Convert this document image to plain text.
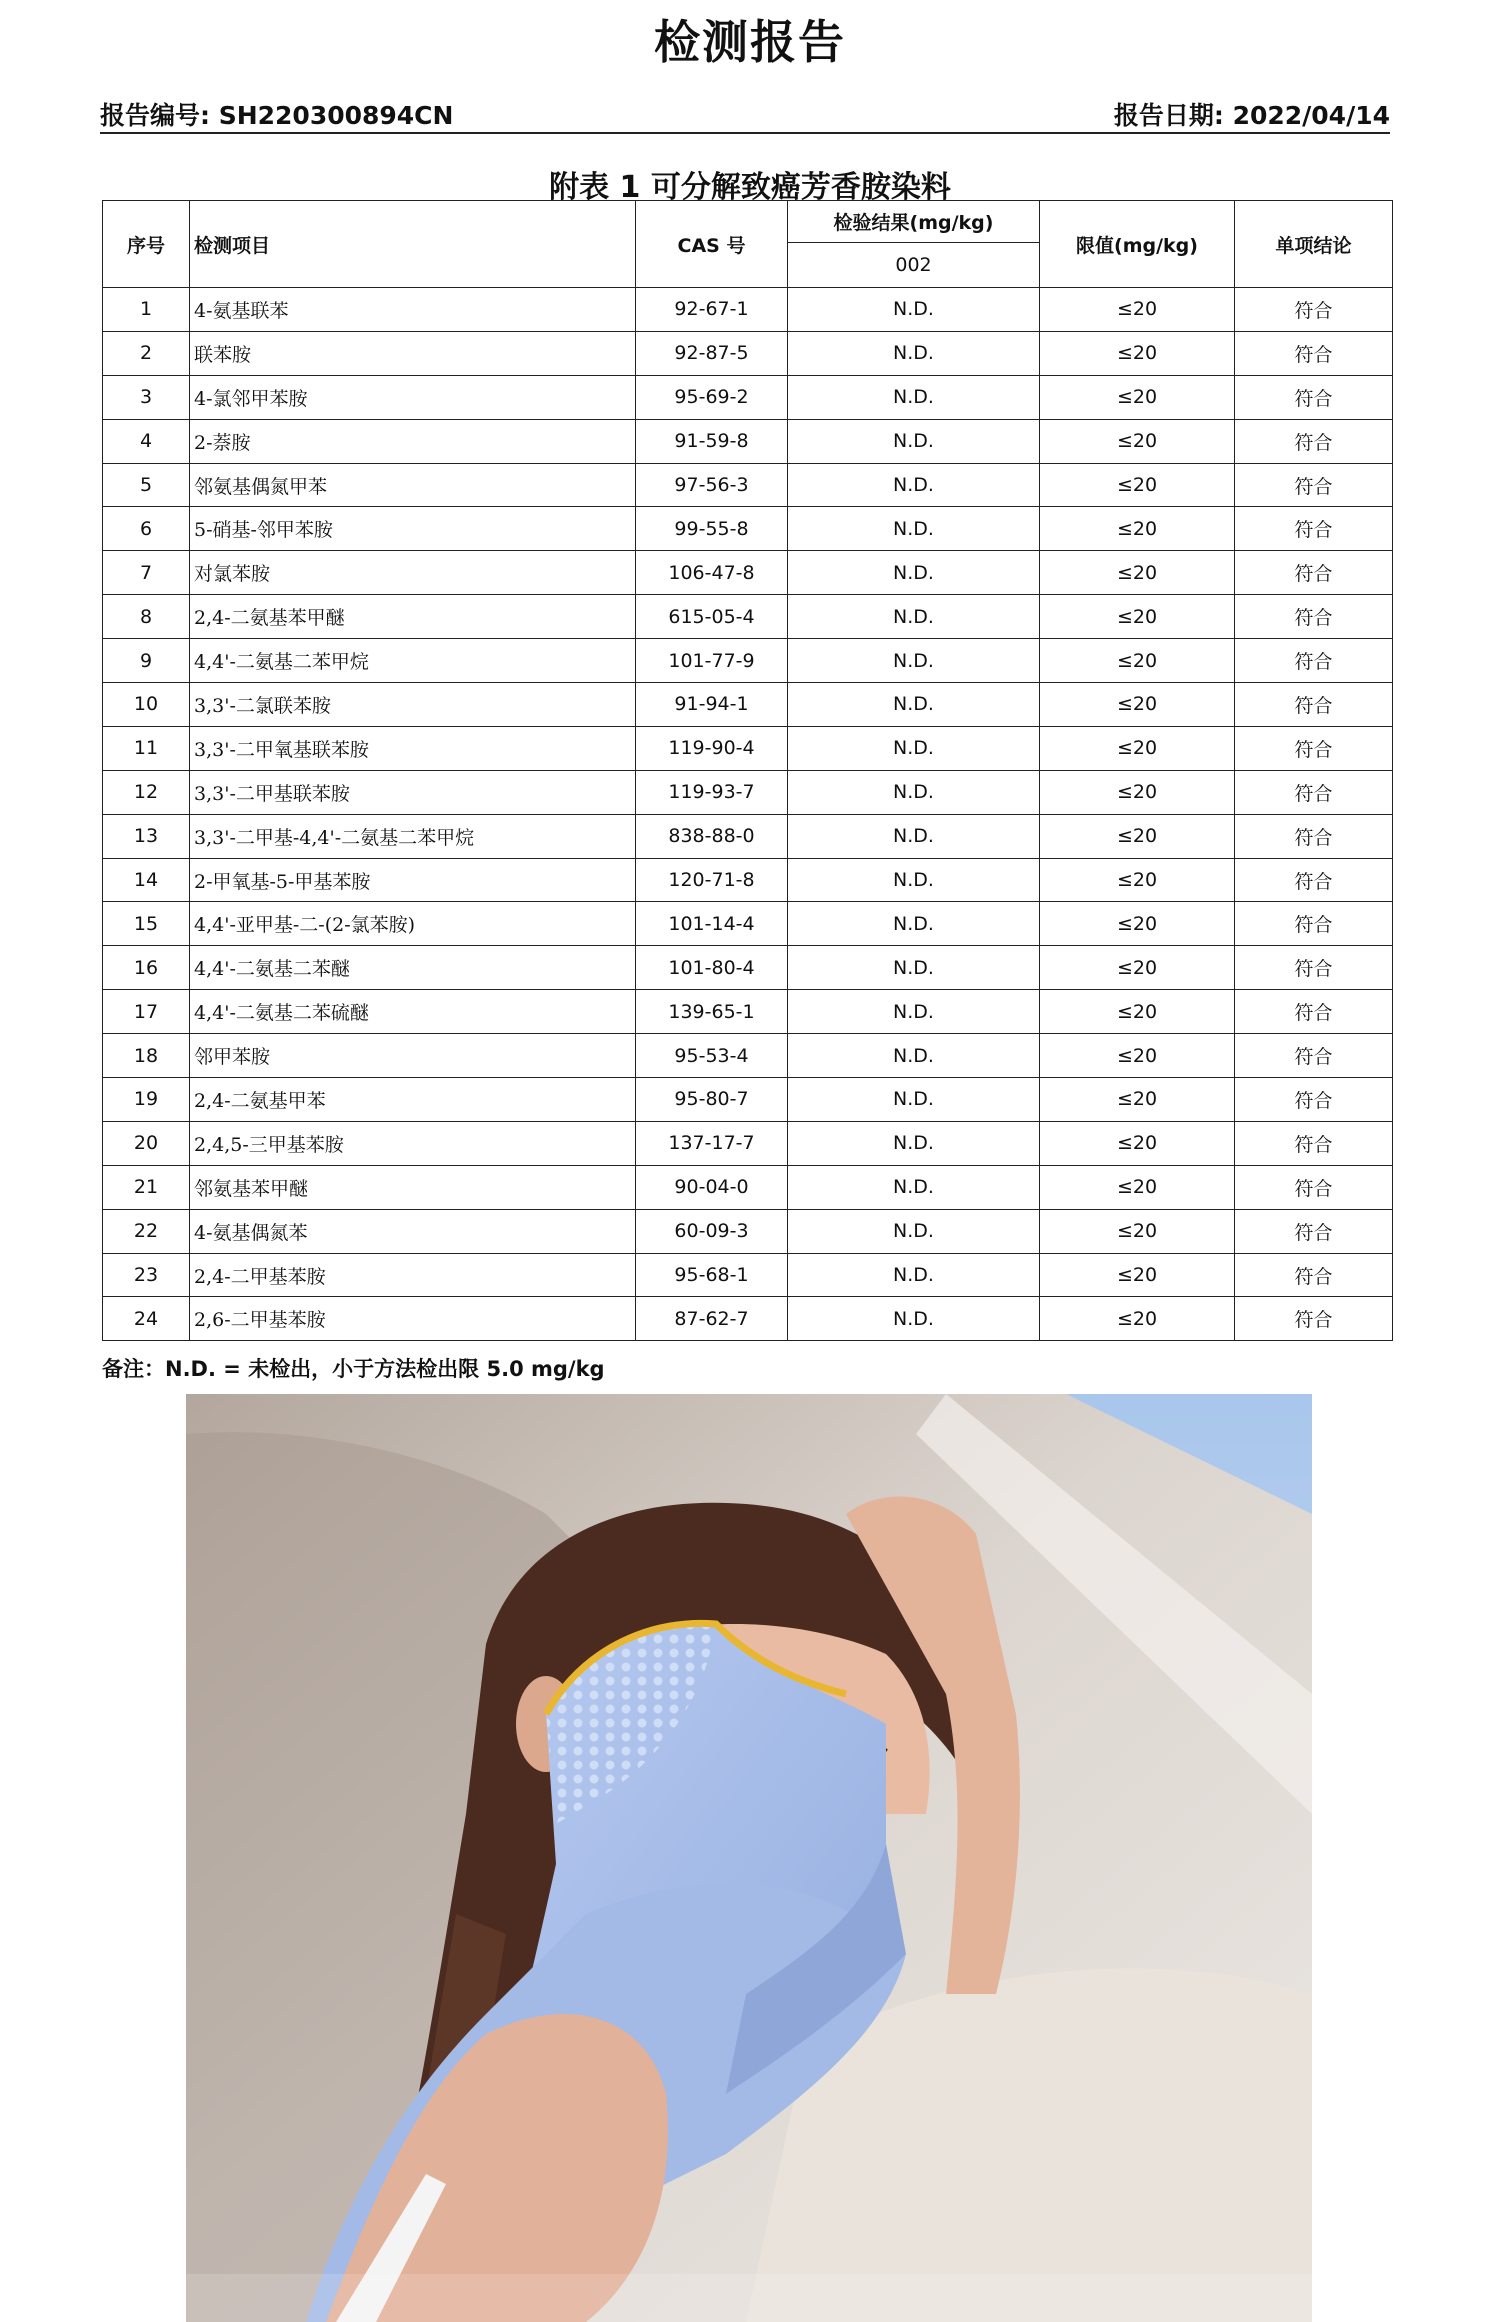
检测报告
报告编号: SH220300894CN	报告日期: 2022/04/14
附表 1 可分解致癌芳香胺染料
序号	检测项目	CAS 号	检验结果(mg/kg)	限值(mg/kg)	单项结论
			002		
1	4-氨基联苯	92-67-1	N.D.	≤20	符合
2	联苯胺	92-87-5	N.D.	≤20	符合
3	4-氯邻甲苯胺	95-69-2	N.D.	≤20	符合
4	2-萘胺	91-59-8	N.D.	≤20	符合
5	邻氨基偶氮甲苯	97-56-3	N.D.	≤20	符合
6	5-硝基-邻甲苯胺	99-55-8	N.D.	≤20	符合
7	对氯苯胺	106-47-8	N.D.	≤20	符合
8	2,4-二氨基苯甲醚	615-05-4	N.D.	≤20	符合
9	4,4'-二氨基二苯甲烷	101-77-9	N.D.	≤20	符合
10	3,3'-二氯联苯胺	91-94-1	N.D.	≤20	符合
11	3,3'-二甲氧基联苯胺	119-90-4	N.D.	≤20	符合
12	3,3'-二甲基联苯胺	119-93-7	N.D.	≤20	符合
13	3,3'-二甲基-4,4'-二氨基二苯甲烷	838-88-0	N.D.	≤20	符合
14	2-甲氧基-5-甲基苯胺	120-71-8	N.D.	≤20	符合
15	4,4'-亚甲基-二-(2-氯苯胺)	101-14-4	N.D.	≤20	符合
16	4,4'-二氨基二苯醚	101-80-4	N.D.	≤20	符合
17	4,4'-二氨基二苯硫醚	139-65-1	N.D.	≤20	符合
18	邻甲苯胺	95-53-4	N.D.	≤20	符合
19	2,4-二氨基甲苯	95-80-7	N.D.	≤20	符合
20	2,4,5-三甲基苯胺	137-17-7	N.D.	≤20	符合
21	邻氨基苯甲醚	90-04-0	N.D.	≤20	符合
22	4-氨基偶氮苯	60-09-3	N.D.	≤20	符合
23	2,4-二甲基苯胺	95-68-1	N.D.	≤20	符合
24	2,6-二甲基苯胺	87-62-7	N.D.	≤20	符合
备注：N.D. = 未检出，小于方法检出限 5.0 mg/kg
